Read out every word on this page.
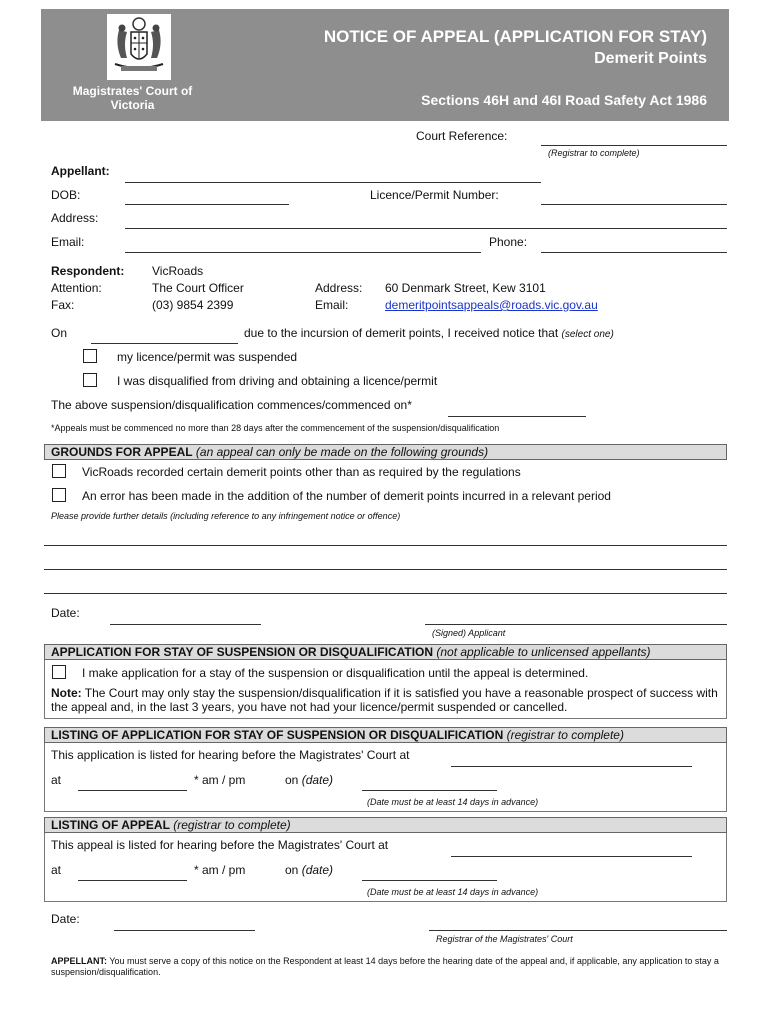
Magistrates' Court of Victoria
NOTICE OF APPEAL (APPLICATION FOR STAY)
Demerit Points
Sections 46H and 46I Road Safety Act 1986
Court Reference:
(Registrar to complete)
Appellant:
DOB:	Licence/Permit Number:
Address:
Email:	Phone:
Respondent: VicRoads
Attention:	The Court Officer	Address: 60 Denmark Street, Kew 3101
Fax:	(03) 9854 2399	Email:	demeritpointsappeals@roads.vic.gov.au
On	due to the incursion of demerit points, I received notice that (select one)
my licence/permit was suspended
I was disqualified from driving and obtaining a licence/permit
The above suspension/disqualification commences/commenced on*
*Appeals must be commenced no more than 28 days after the commencement of the suspension/disqualification
GROUNDS FOR APPEAL (an appeal can only be made on the following grounds)
VicRoads recorded certain demerit points other than as required by the regulations
An error has been made in the addition of the number of demerit points incurred in a relevant period
Please provide further details (including reference to any infringement notice or offence)
Date:
(Signed) Applicant
APPLICATION FOR STAY OF SUSPENSION OR DISQUALIFICATION (not applicable to unlicensed appellants)
I make application for a stay of the suspension or disqualification until the appeal is determined.
Note: The Court may only stay the suspension/disqualification if it is satisfied you have a reasonable prospect of success with the appeal and, in the last 3 years, you have not had your licence/permit suspended or cancelled.
LISTING OF APPLICATION FOR STAY OF SUSPENSION OR DISQUALIFICATION (registrar to complete)
This application is listed for hearing before the Magistrates' Court at
at	* am / pm	on (date)
(Date must be at least 14 days in advance)
LISTING OF APPEAL (registrar to complete)
This appeal is listed for hearing before the Magistrates' Court at
at	* am / pm	on (date)
(Date must be at least 14 days in advance)
Date:
Registrar of the Magistrates' Court
APPELLANT: You must serve a copy of this notice on the Respondent at least 14 days before the hearing date of the appeal and, if applicable, any application to stay a suspension/disqualification.
